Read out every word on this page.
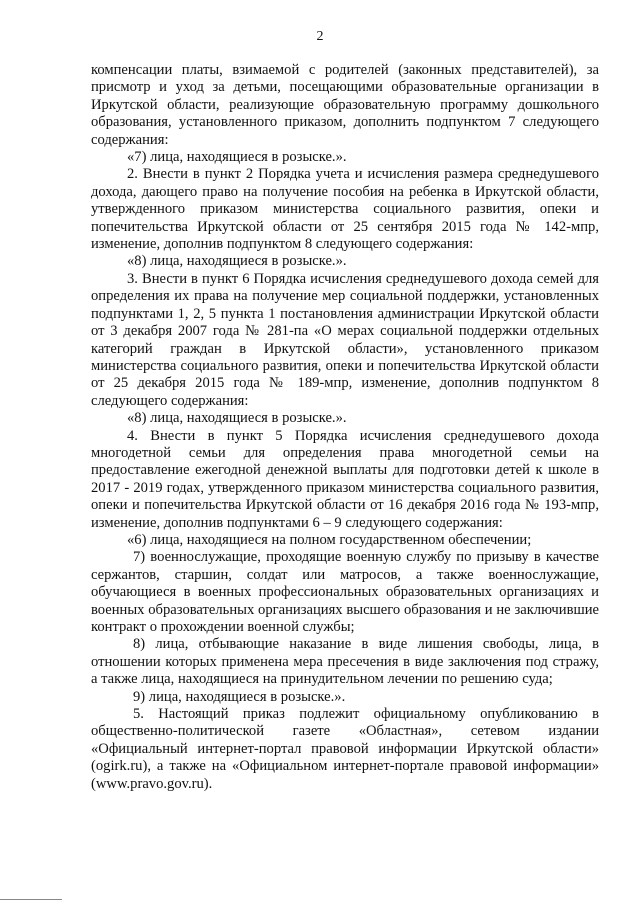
2

компенсации платы, взимаемой с родителей (законных представителей), за присмотр и уход за детьми, посещающими образовательные организации в Иркутской области, реализующие образовательную программу дошкольного образования, установленного приказом, дополнить подпунктом 7 следующего содержания:

«7) лица, находящиеся в розыске.».

2. Внести в пункт 2 Порядка учета и исчисления размера среднедушевого дохода, дающего право на получение пособия на ребенка в Иркутской области, утвержденного приказом министерства социального развития, опеки и попечительства Иркутской области от 25 сентября 2015 года № 142-мпр, изменение, дополнив подпунктом 8 следующего содержания:

«8) лица, находящиеся в розыске.».

3. Внести в пункт 6 Порядка исчисления среднедушевого дохода семей для определения их права на получение мер социальной поддержки, установленных подпунктами 1, 2, 5 пункта 1 постановления администрации Иркутской области от 3 декабря 2007 года № 281-па «О мерах социальной поддержки отдельных категорий граждан в Иркутской области», установленного приказом министерства социального развития, опеки и попечительства Иркутской области от 25 декабря 2015 года № 189-мпр, изменение, дополнив подпунктом 8 следующего содержания:

«8) лица, находящиеся в розыске.».

4. Внести в пункт 5 Порядка исчисления среднедушевого дохода многодетной семьи для определения права многодетной семьи на предоставление ежегодной денежной выплаты для подготовки детей к школе в 2017 - 2019 годах, утвержденного приказом министерства социального развития, опеки и попечительства Иркутской области от 16 декабря 2016 года № 193-мпр, изменение, дополнив подпунктами 6 – 9 следующего содержания:

«6) лица, находящиеся на полном государственном обеспечении;

7) военнослужащие, проходящие военную службу по призыву в качестве сержантов, старшин, солдат или матросов, а также военнослужащие, обучающиеся в военных профессиональных образовательных организациях и военных образовательных организациях высшего образования и не заключившие контракт о прохождении военной службы;

8) лица, отбывающие наказание в виде лишения свободы, лица, в отношении которых применена мера пресечения в виде заключения под стражу, а также лица, находящиеся на принудительном лечении по решению суда;

9) лица, находящиеся в розыске.».

5. Настоящий приказ подлежит официальному опубликованию в общественно-политической газете «Областная», сетевом издании «Официальный интернет-портал правовой информации Иркутской области» (ogirk.ru), а также на «Официальном интернет-портале правовой информации» (www.pravo.gov.ru).
